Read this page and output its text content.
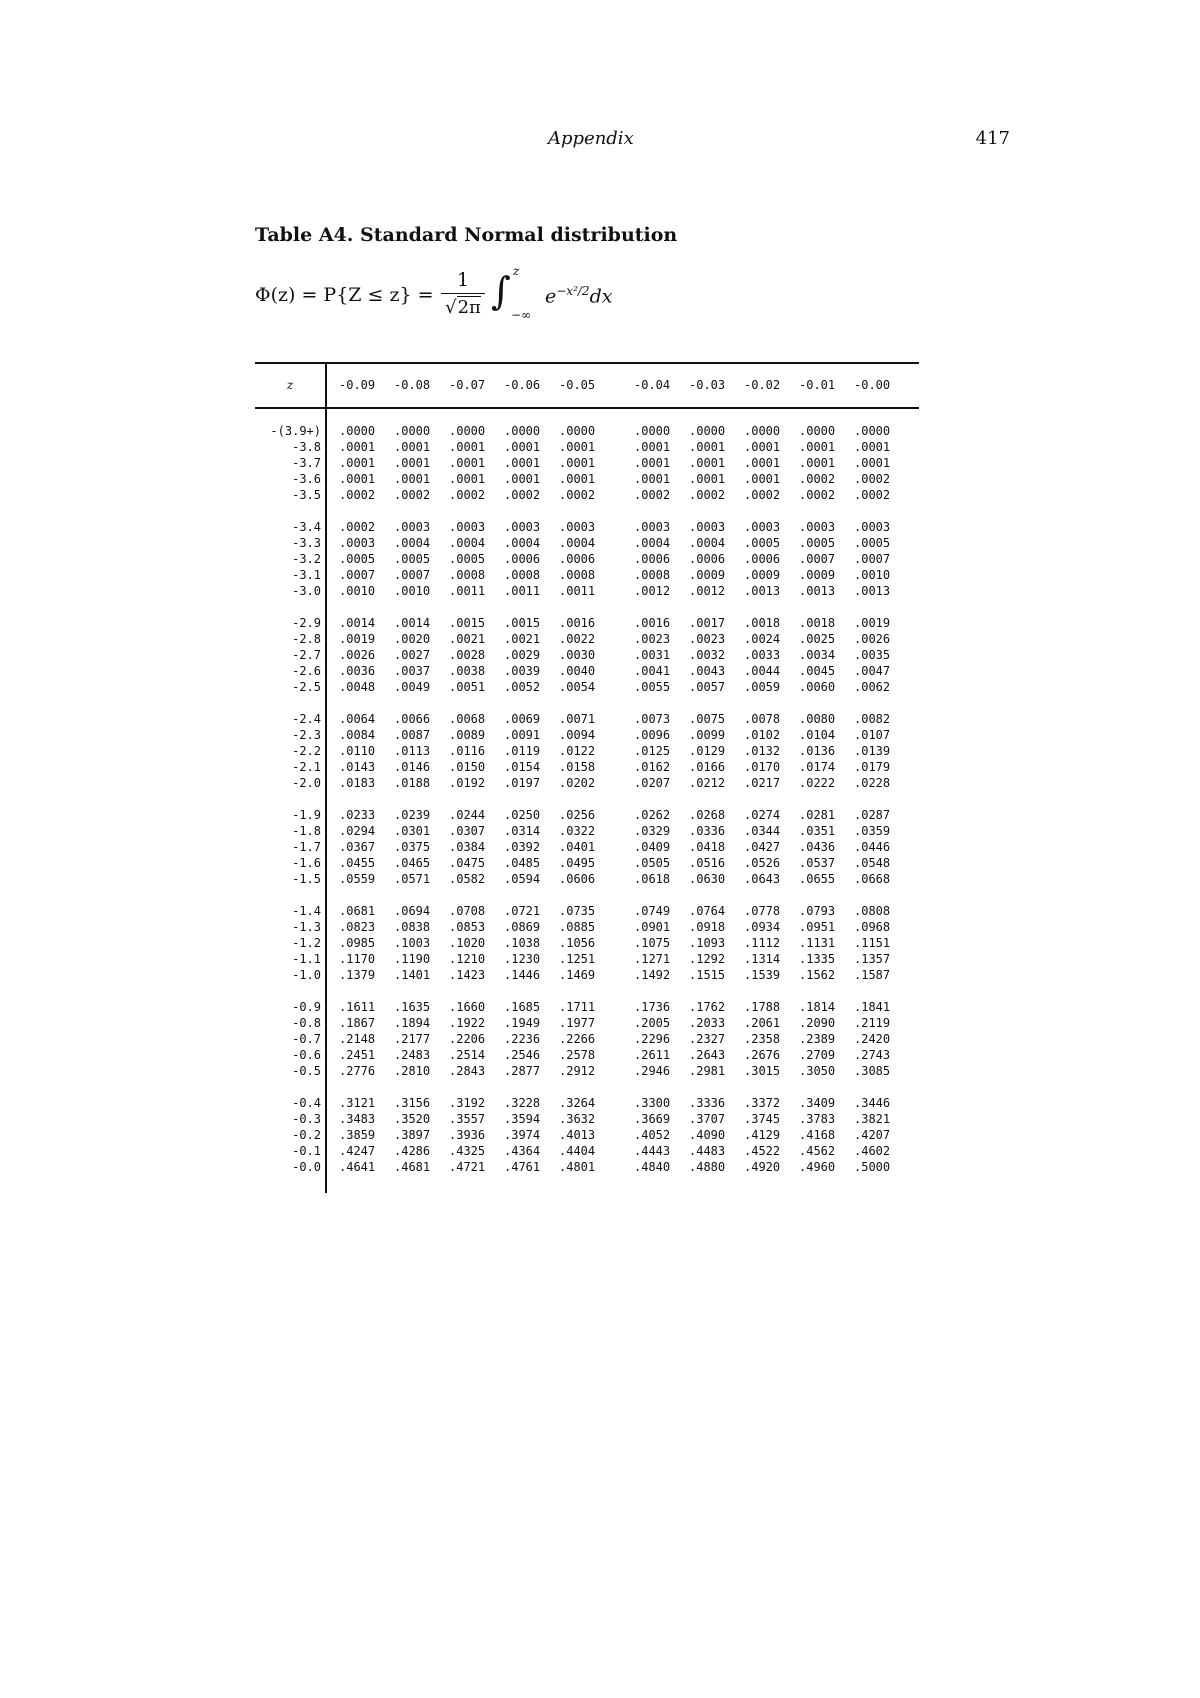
Appendix	417
Table A4. Standard Normal distribution
Φ(z) = P{Z ≤ z} =
1
√2π ∫ z
−∞
$e^{-x^2/2}dx$
z	-0.09 -0.08 -0.07 -0.06 -0.05	-0.04 -0.03 -0.02 -0.01 -0.00
-(3.9+) .0000 .0000 .0000 .0000 .0000	.0000 .0000 .0000 .0000 .0000
-3.8 .0001 .0001 .0001 .0001 .0001	.0001 .0001 .0001 .0001 .0001
-3.7 .0001 .0001 .0001 .0001 .0001	.0001 .0001 .0001 .0001 .0001
-3.6 .0001 .0001 .0001 .0001 .0001	.0001 .0001 .0001 .0002 .0002
-3.5 .0002 .0002 .0002 .0002 .0002	.0002 .0002 .0002 .0002 .0002
-3.4 .0002 .0003 .0003 .0003 .0003	.0003 .0003 .0003 .0003 .0003
-3.3 .0003 .0004 .0004 .0004 .0004	.0004 .0004 .0005 .0005 .0005
-3.2 .0005 .0005 .0005 .0006 .0006	.0006 .0006 .0006 .0007 .0007
-3.1 .0007 .0007 .0008 .0008 .0008	.0008 .0009 .0009 .0009 .0010
-3.0 .0010 .0010 .0011 .0011 .0011	.0012 .0012 .0013 .0013 .0013
-2.9 .0014 .0014 .0015 .0015 .0016	.0016 .0017 .0018 .0018 .0019
-2.8 .0019 .0020 .0021 .0021 .0022	.0023 .0023 .0024 .0025 .0026
-2.7 .0026 .0027 .0028 .0029 .0030	.0031 .0032 .0033 .0034 .0035
-2.6 .0036 .0037 .0038 .0039 .0040	.0041 .0043 .0044 .0045 .0047
-2.5 .0048 .0049 .0051 .0052 .0054	.0055 .0057 .0059 .0060 .0062
-2.4 .0064 .0066 .0068 .0069 .0071	.0073 .0075 .0078 .0080 .0082
-2.3 .0084 .0087 .0089 .0091 .0094	.0096 .0099 .0102 .0104 .0107
-2.2 .0110 .0113 .0116 .0119 .0122	.0125 .0129 .0132 .0136 .0139
-2.1 .0143 .0146 .0150 .0154 .0158	.0162 .0166 .0170 .0174 .0179
-2.0 .0183 .0188 .0192 .0197 .0202	.0207 .0212 .0217 .0222 .0228
-1.9 .0233 .0239 .0244 .0250 .0256	.0262 .0268 .0274 .0281 .0287
-1.8 .0294 .0301 .0307 .0314 .0322	.0329 .0336 .0344 .0351 .0359
-1.7 .0367 .0375 .0384 .0392 .0401	.0409 .0418 .0427 .0436 .0446
-1.6 .0455 .0465 .0475 .0485 .0495	.0505 .0516 .0526 .0537 .0548
-1.5 .0559 .0571 .0582 .0594 .0606	.0618 .0630 .0643 .0655 .0668
-1.4 .0681 .0694 .0708 .0721 .0735	.0749 .0764 .0778 .0793 .0808
-1.3 .0823 .0838 .0853 .0869 .0885	.0901 .0918 .0934 .0951 .0968
-1.2 .0985 .1003 .1020 .1038 .1056	.1075 .1093 .1112 .1131 .1151
-1.1 .1170 .1190 .1210 .1230 .1251	.1271 .1292 .1314 .1335 .1357
-1.0 .1379 .1401 .1423 .1446 .1469	.1492 .1515 .1539 .1562 .1587
-0.9 .1611 .1635 .1660 .1685 .1711	.1736 .1762 .1788 .1814 .1841
-0.8 .1867 .1894 .1922 .1949 .1977	.2005 .2033 .2061 .2090 .2119
-0.7 .2148 .2177 .2206 .2236 .2266	.2296 .2327 .2358 .2389 .2420
-0.6 .2451 .2483 .2514 .2546 .2578	.2611 .2643 .2676 .2709 .2743
-0.5 .2776 .2810 .2843 .2877 .2912	.2946 .2981 .3015 .3050 .3085
-0.4 .3121 .3156 .3192 .3228 .3264	.3300 .3336 .3372 .3409 .3446
-0.3 .3483 .3520 .3557 .3594 .3632	.3669 .3707 .3745 .3783 .3821
-0.2 .3859 .3897 .3936 .3974 .4013	.4052 .4090 .4129 .4168 .4207
-0.1 .4247 .4286 .4325 .4364 .4404	.4443 .4483 .4522 .4562 .4602
-0.0 .4641 .4681 .4721 .4761 .4801	.4840 .4880 .4920 .4960 .5000
